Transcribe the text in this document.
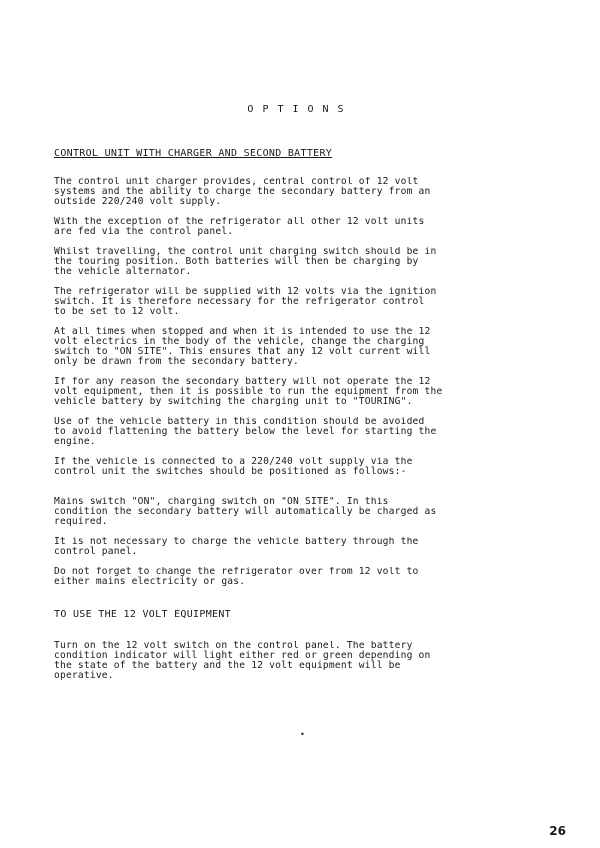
OPTIONS
CONTROL UNIT WITH CHARGER AND SECOND BATTERY

The control unit charger provides, central control of 12 volt
systems and the ability to charge the secondary battery from an
outside 220/240 volt supply.

With the exception of the refrigerator all other 12 volt units
are fed via the control panel.

Whilst travelling, the control unit charging switch should be in
the touring position. Both batteries will then be charging by
the vehicle alternator.

The refrigerator will be supplied with 12 volts via the ignition
switch. It is therefore necessary for the refrigerator control
to be set to 12 volt.

At all times when stopped and when it is intended to use the 12
volt electrics in the body of the vehicle, change the charging
switch to "ON SITE". This ensures that any 12 volt current will
only be drawn from the secondary battery.

If for any reason the secondary battery will not operate the 12
volt equipment, then it is possible to run the equipment from the
vehicle battery by switching the charging unit to "TOURING".

Use of the vehicle battery in this condition should be avoided
to avoid flattening the battery below the level for starting the
engine.

If the vehicle is connected to a 220/240 volt supply via the
control unit the switches should be positioned as follows:-

Mains switch "ON", charging switch on "ON SITE". In this
condition the secondary battery will automatically be charged as
required.

It is not necessary to charge the vehicle battery through the
control panel.

Do not forget to change the refrigerator over from 12 volt to
either mains electricity or gas.

TO USE THE 12 VOLT EQUIPMENT

Turn on the 12 volt switch on the control panel. The battery
condition indicator will light either red or green depending on
the state of the battery and the 12 volt equipment will be
operative.

•
26
